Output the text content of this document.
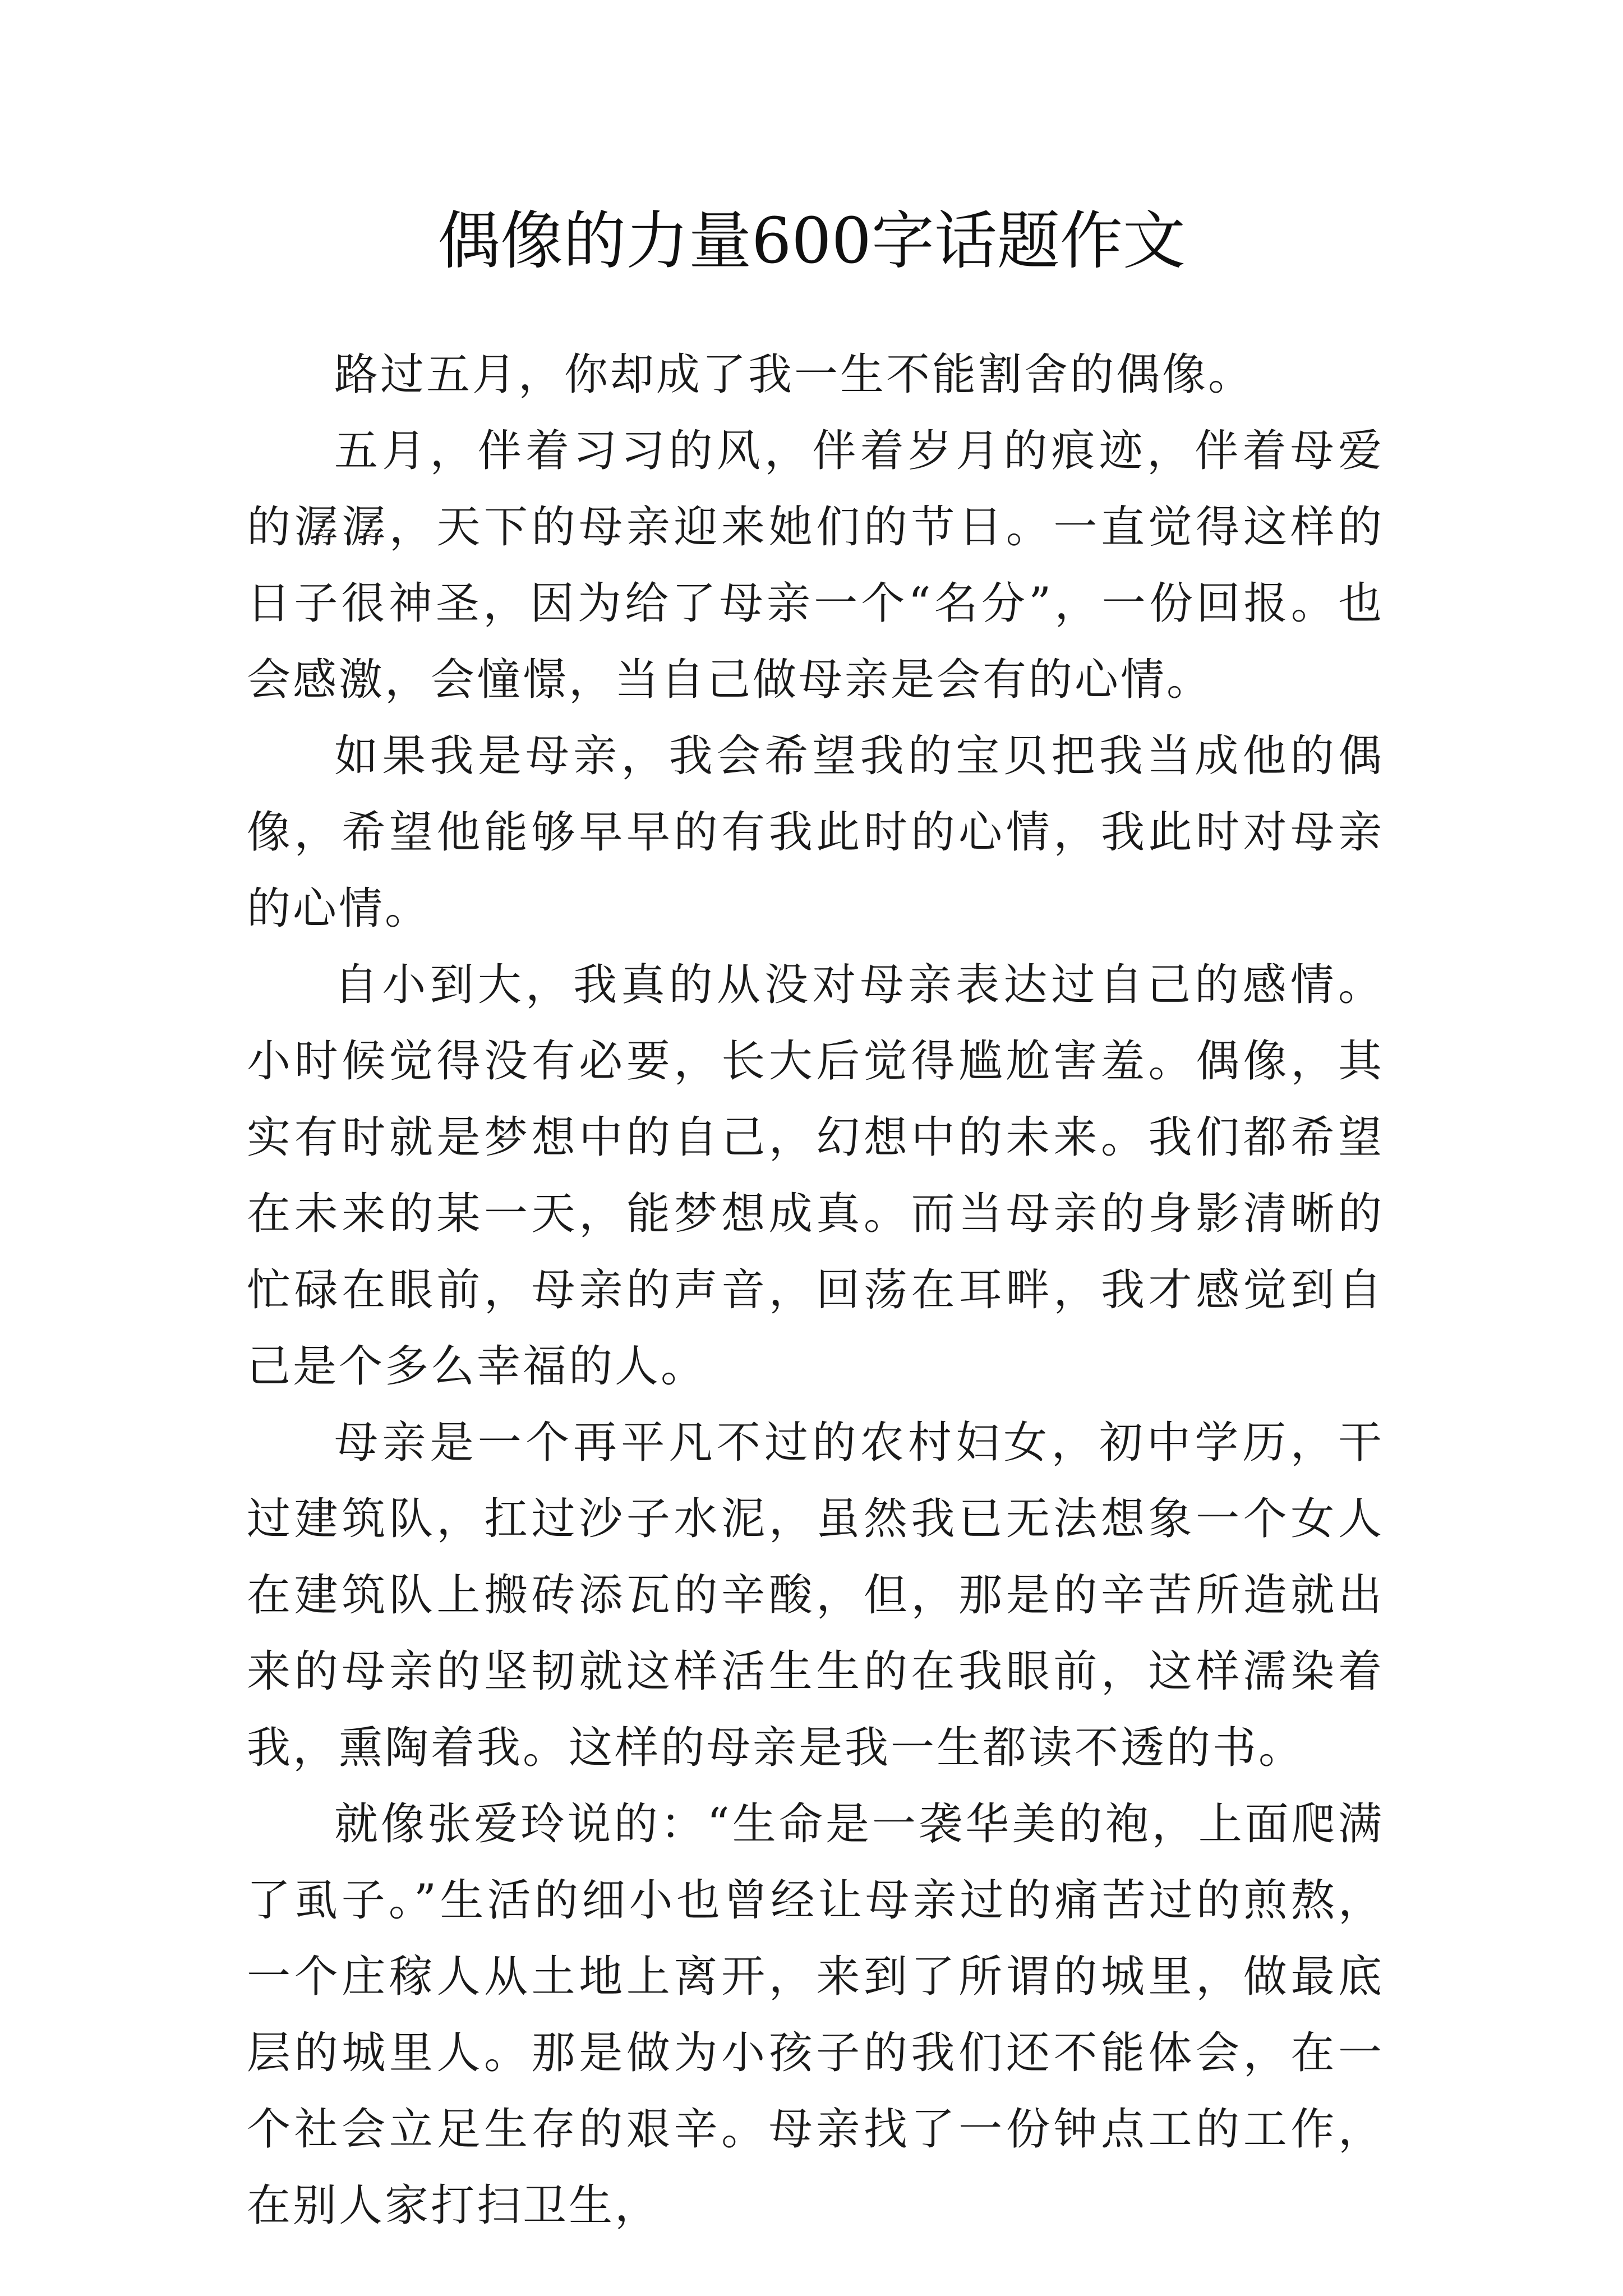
偶像的力量600字话题作文

路过五月，你却成了我一生不能割舍的偶像。

五月，伴着习习的风，伴着岁月的痕迹，伴着母爱的潺潺，天下的母亲迎来她们的节日。一直觉得这样的日子很神圣，因为给了母亲一个“名分”，一份回报。也会感激，会憧憬，当自己做母亲是会有的心情。

如果我是母亲，我会希望我的宝贝把我当成他的偶像，希望他能够早早的有我此时的心情，我此时对母亲的心情。

自小到大，我真的从没对母亲表达过自己的感情。小时候觉得没有必要，长大后觉得尴尬害羞。偶像，其实有时就是梦想中的自己，幻想中的未来。我们都希望在未来的某一天，能梦想成真。而当母亲的身影清晰的忙碌在眼前，母亲的声音，回荡在耳畔，我才感觉到自己是个多么幸福的人。

母亲是一个再平凡不过的农村妇女，初中学历，干过建筑队，扛过沙子水泥，虽然我已无法想象一个女人在建筑队上搬砖添瓦的辛酸，但，那是的辛苦所造就出来的母亲的坚韧就这样活生生的在我眼前，这样濡染着我，熏陶着我。这样的母亲是我一生都读不透的书。

就像张爱玲说的：“生命是一袭华美的袍，上面爬满了虱子。”生活的细小也曾经让母亲过的痛苦过的煎熬，一个庄稼人从土地上离开，来到了所谓的城里，做最底层的城里人。那是做为小孩子的我们还不能体会，在一个社会立足生存的艰辛。母亲找了一份钟点工的工作，在别人家打扫卫生，
